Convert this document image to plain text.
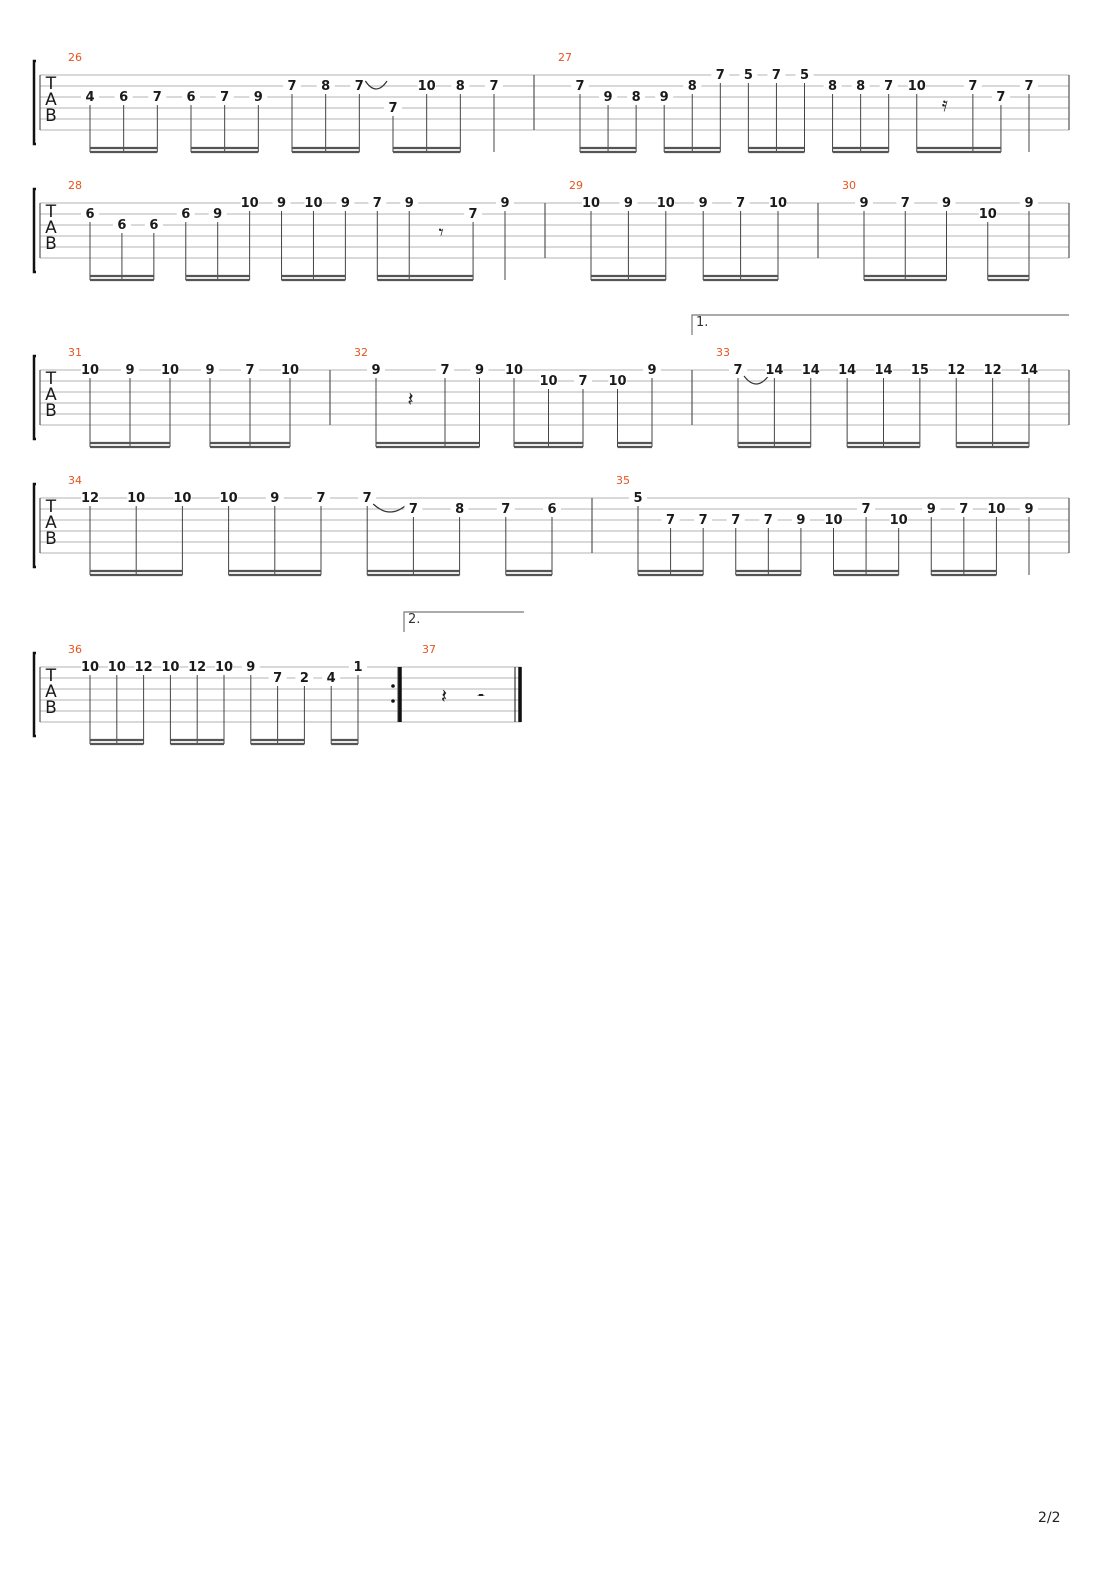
T
A
B
26
4 6 7 6 7 9
7 8 7
7
10 8 7
27
7
9 8 9
8
7 5 7 5
8 8 7 10
𝄿
7
7
7
T
A
B
28
6
6 6
6 9
10 9 10 9 7 9
𝄾
7
9
29
10 9 10 9 7 10
30
9 7 9
10
9
T
A
B
1.
31
10 9 10 9 7 10
32
9
𝄽
7 9 10
10 7 10
9
33
7 14 14 14 14 15 12 12 14
T
A
B
34
12 10 10 10	9	7	7
7	8	7	6
35
5
7 7 7 7 9 10
7
10
9 7 10 9
T
A
B
2.
36
10 10 12 10 12 10 9
7 2 4
1
37
𝄽 𝄼
2/2
